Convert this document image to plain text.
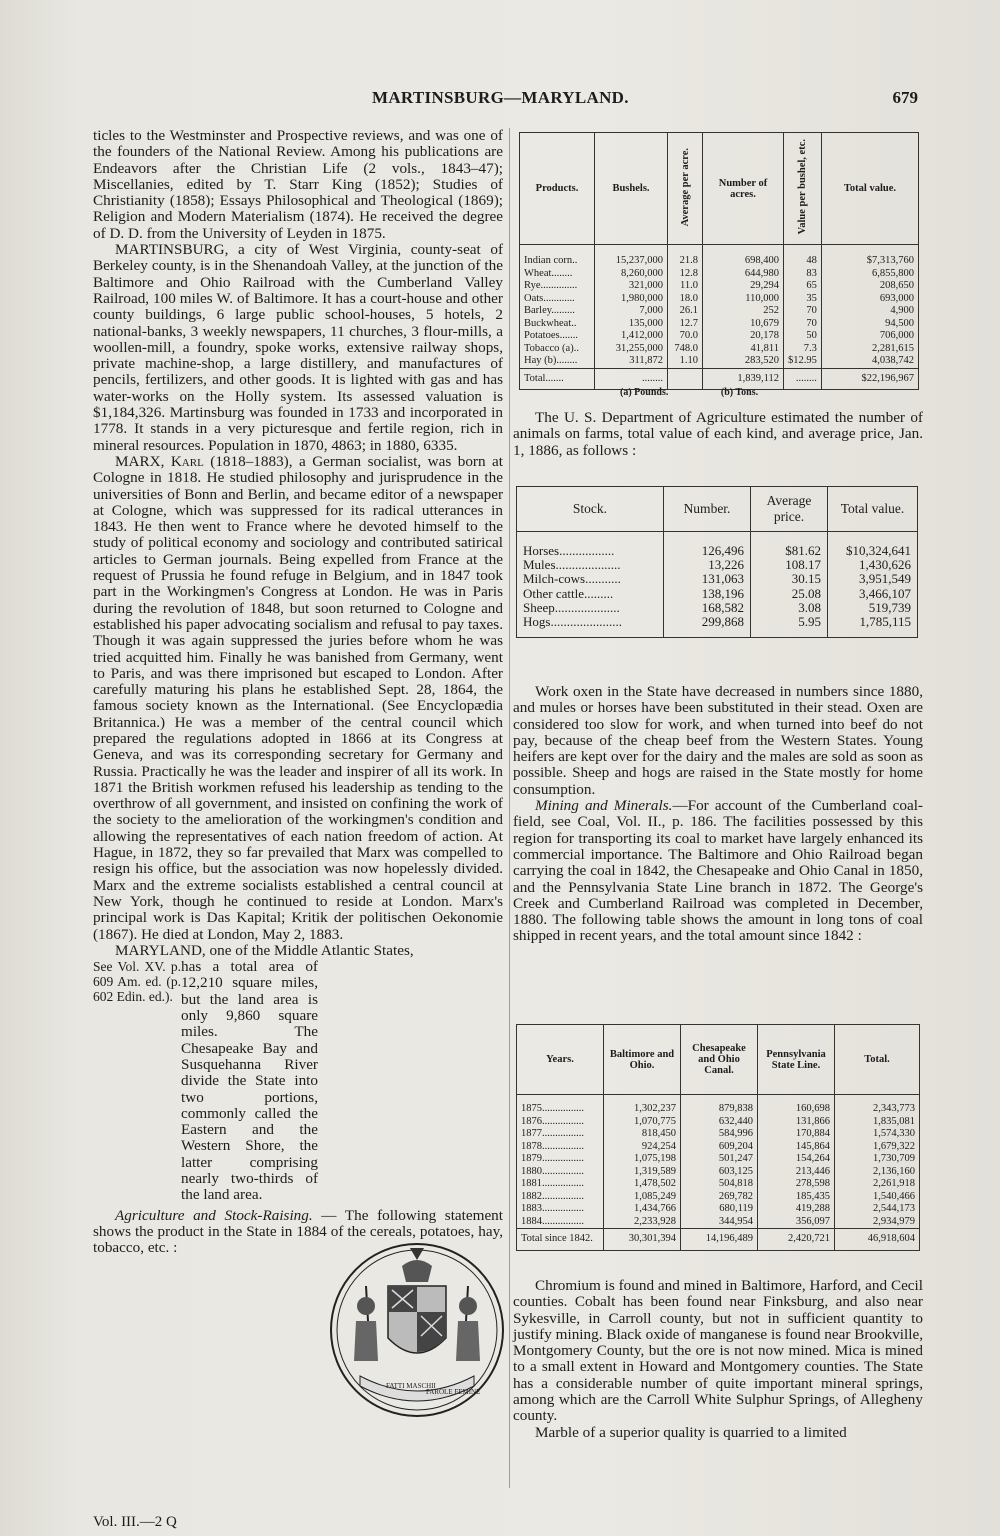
MARTINSBURG—MARYLAND.	679

ticles to the Westminster and Prospective reviews, and was one of the founders of the National Review. Among his publications are Endeavors after the Christian Life (2 vols., 1843–47); Miscellanies, edited by T. Starr King (1852); Studies of Christianity (1858); Essays Philosophical and Theological (1869); Religion and Modern Materialism (1874). He received the degree of D. D. from the University of Leyden in 1875.

MARTINSBURG, a city of West Virginia, county-seat of Berkeley county, is in the Shenandoah Valley, at the junction of the Baltimore and Ohio Railroad with the Cumberland Valley Railroad, 100 miles W. of Baltimore. It has a court-house and other county buildings, 6 large public school-houses, 5 hotels, 2 national-banks, 3 weekly newspapers, 11 churches, 3 flour-mills, a woollen-mill, a foundry, spoke works, extensive railway shops, private machine-shop, a large distillery, and manufactures of pencils, fertilizers, and other goods. It is lighted with gas and has water-works on the Holly system. Its assessed valuation is $1,184,326. Martinsburg was founded in 1733 and incorporated in 1778. It stands in a very picturesque and fertile region, rich in mineral resources. Population in 1870, 4863; in 1880, 6335.

MARX, Karl (1818–1883), a German socialist, was born at Cologne in 1818. He studied philosophy and jurisprudence in the universities of Bonn and Berlin, and became editor of a newspaper at Cologne, which was suppressed for its radical utterances in 1843. He then went to France where he devoted himself to the study of political economy and sociology and contributed satirical articles to German journals. Being expelled from France at the request of Prussia he found refuge in Belgium, and in 1847 took part in the Workingmen's Congress at London. He was in Paris during the revolution of 1848, but soon returned to Cologne and established his paper advocating socialism and refusal to pay taxes. Though it was again suppressed the juries before whom he was tried acquitted him. Finally he was banished from Germany, went to Paris, and was there imprisoned but escaped to London. After carefully maturing his plans he established Sept. 28, 1864, the famous society known as the International. (See Encyclopædia Britannica.) He was a member of the central council which prepared the regulations adopted in 1866 at its Congress at Geneva, and was its corresponding secretary for Germany and Russia. Practically he was the leader and inspirer of all its work. In 1871 the British workmen refused his leadership as tending to the overthrow of all government, and insisted on confining the work of the society to the amelioration of the workingmen's condition and allowing the representatives of each nation freedom of action. At Hague, in 1872, they so far prevailed that Marx was compelled to resign his office, but the association was now hopelessly divided. Marx and the extreme socialists established a central council at New York, though he continued to reside at London. Marx's principal work is Das Kapital; Kritik der politischen Oekonomie (1867). He died at London, May 2, 1883.

MARYLAND, one of the Middle Atlantic States,

See Vol. XV. p. 609 Am. ed. (p. 602 Edin. ed.).
has a total area of 12,210 square miles, but the land area is only 9,860 square miles. The Chesapeake Bay and Susquehanna River divide the State into two portions, commonly called the Eastern and the Western Shore, the latter comprising nearly two-thirds of the land area.

Agriculture and Stock-Raising. — The following statement shows the product in the State in 1884 of the cereals, potatoes, hay, tobacco, etc. :

FATTI MASCHII
PAROLE FEMINE
Vol. III.—2 Q
Products.	Bushels.	Average per acre.	Number of acres.	Value per bushel, etc.	Total value.
Indian corn..	15,237,000	21.8	698,400	48	$7,313,760
Wheat........	8,260,000	12.8	644,980	83	6,855,800
Rye..............	321,000	11.0	29,294	65	208,650
Oats............	1,980,000	18.0	110,000	35	693,000
Barley.........	7,000	26.1	252	70	4,900
Buckwheat..	135,000	12.7	10,679	70	94,500
Potatoes.......	1,412,000	70.0	20,178	50	706,000
Tobacco (a)..	31,255,000	748.0	41,811	7.3	2,281,615
Hay (b)........	311,872	1.10	283,520	$12.95	4,038,742
Total.......	........		1,839,112	........	$22,196,967
(a) Pounds.	(b) Tons.

The U. S. Department of Agriculture estimated the number of animals on farms, total value of each kind, and average price, Jan. 1, 1886, as follows :

Stock.	Number.	Average price.	Total value.
Horses.................	126,496	$81.62	$10,324,641
Mules....................	13,226	108.17	1,430,626
Milch-cows...........	131,063	30.15	3,951,549
Other cattle.........	138,196	25.08	3,466,107
Sheep....................	168,582	3.08	519,739
Hogs......................	299,868	5.95	1,785,115

Work oxen in the State have decreased in numbers since 1880, and mules or horses have been substituted in their stead. Oxen are considered too slow for work, and when turned into beef do not pay, because of the cheap beef from the Western States. Young heifers are kept over for the dairy and the males are sold as soon as possible. Sheep and hogs are raised in the State mostly for home consumption.

Mining and Minerals.—For account of the Cumberland coal-field, see Coal, Vol. II., p. 186. The facilities possessed by this region for transporting its coal to market have largely enhanced its commercial importance. The Baltimore and Ohio Railroad began carrying the coal in 1842, the Chesapeake and Ohio Canal in 1850, and the Pennsylvania State Line branch in 1872. The George's Creek and Cumberland Railroad was completed in December, 1880. The following table shows the amount in long tons of coal shipped in recent years, and the total amount since 1842 :

Years.	Baltimore and Ohio.	Chesapeake and Ohio Canal.	Pennsylvania State Line.	Total.
1875................	1,302,237	879,838	160,698	2,343,773
1876................	1,070,775	632,440	131,866	1,835,081
1877................	818,450	584,996	170,884	1,574,330
1878................	924,254	609,204	145,864	1,679,322
1879................	1,075,198	501,247	154,264	1,730,709
1880................	1,319,589	603,125	213,446	2,136,160
1881................	1,478,502	504,818	278,598	2,261,918
1882................	1,085,249	269,782	185,435	1,540,466
1883................	1,434,766	680,119	419,288	2,544,173
1884................	2,233,928	344,954	356,097	2,934,979
Total since 1842.	30,301,394	14,196,489	2,420,721	46,918,604

Chromium is found and mined in Baltimore, Harford, and Cecil counties. Cobalt has been found near Finksburg, and also near Sykesville, in Carroll county, but not in sufficient quantity to justify mining. Black oxide of manganese is found near Brookville, Montgomery County, but the ore is not now mined. Mica is mined to a small extent in Howard and Montgomery counties. The State has a considerable number of quite important mineral springs, among which are the Carroll White Sulphur Springs, of Allegheny county.

Marble of a superior quality is quarried to a limited
